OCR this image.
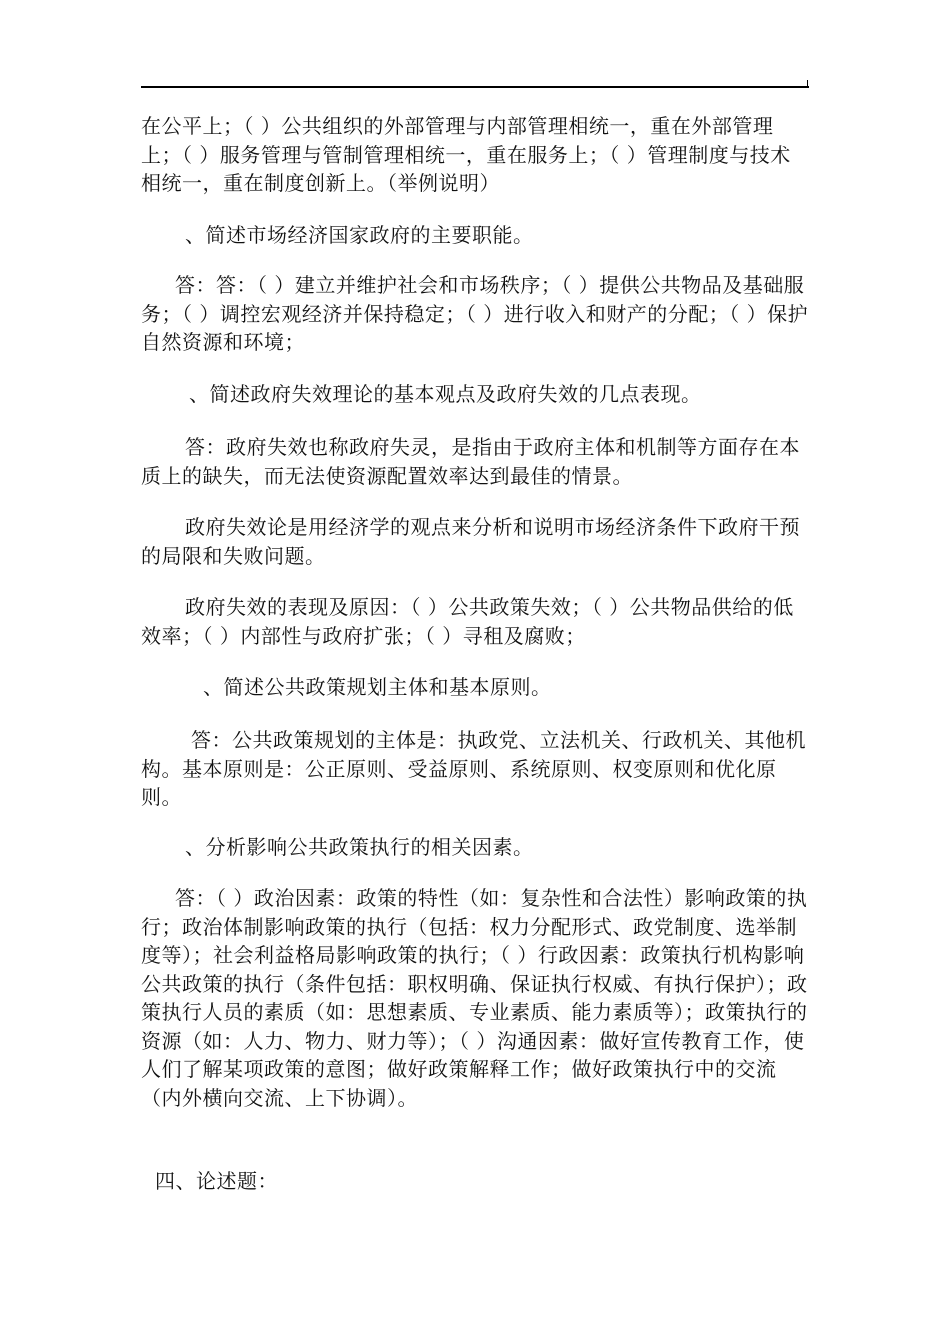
在公平上；（ ）公共组织的外部管理与内部管理相统一，重在外部管理上；（ ）服务管理与管制管理相统一，重在服务上；（ ）管理制度与技术相统一，重在制度创新上。（举例说明）

、简述市场经济国家政府的主要职能。

答：答：（ ）建立并维护社会和市场秩序；（ ）提供公共物品及基础服务；（ ）调控宏观经济并保持稳定；（ ）进行收入和财产的分配；（ ）保护自然资源和环境；

、简述政府失效理论的基本观点及政府失效的几点表现。

答：政府失效也称政府失灵，是指由于政府主体和机制等方面存在本质上的缺失，而无法使资源配置效率达到最佳的情景。

政府失效论是用经济学的观点来分析和说明市场经济条件下政府干预的局限和失败问题。

政府失效的表现及原因：（ ）公共政策失效；（ ）公共物品供给的低效率；（ ）内部性与政府扩张；（ ）寻租及腐败；

、简述公共政策规划主体和基本原则。

答：公共政策规划的主体是：执政党、立法机关、行政机关、其他机构。基本原则是：公正原则、受益原则、系统原则、权变原则和优化原则。

、分析影响公共政策执行的相关因素。

答：（ ）政治因素：政策的特性（如：复杂性和合法性）影响政策的执行；政治体制影响政策的执行（包括：权力分配形式、政党制度、选举制度等）；社会利益格局影响政策的执行；（ ）行政因素：政策执行机构影响公共政策的执行（条件包括：职权明确、保证执行权威、有执行保护）；政策执行人员的素质（如：思想素质、专业素质、能力素质等）；政策执行的资源（如：人力、物力、财力等）；（ ）沟通因素：做好宣传教育工作，使人们了解某项政策的意图；做好政策解释工作；做好政策执行中的交流（内外横向交流、上下协调）。

四、论述题：
